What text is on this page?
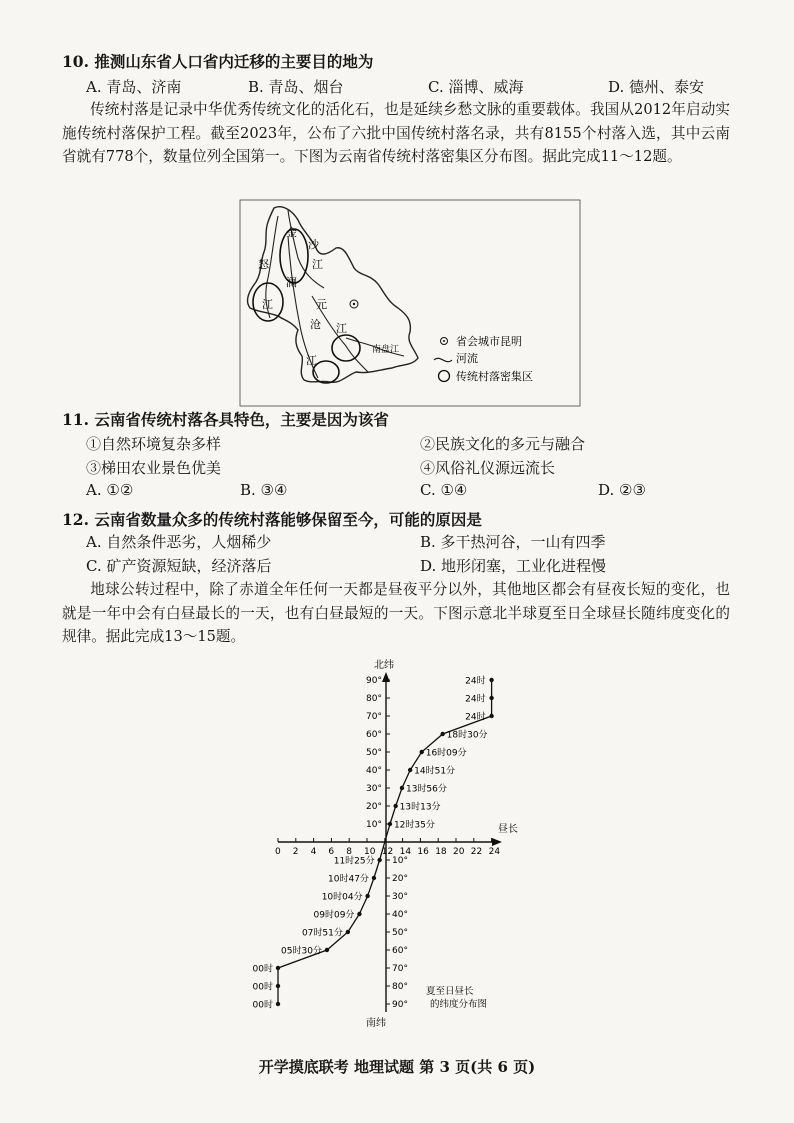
10. 推测山东省人口省内迁移的主要目的地为
A. 青岛、济南	B. 青岛、烟台	C. 淄博、威海	D. 德州、泰安
传统村落是记录中华优秀传统文化的活化石，也是延续乡愁文脉的重要载体。我国从2012年启动实施传统村落保护工程。截至2023年，公布了六批中国传统村落名录，共有8155个村落入选，其中云南省就有778个，数量位列全国第一。下图为云南省传统村落密集区分布图。据此完成11～12题。
金
沙
江
怒
江
澜
元
沧 江
江
南盘江
省会城市昆明
河流
传统村落密集区
11. 云南省传统村落各具特色，主要是因为该省
①自然环境复杂多样	②民族文化的多元与融合
③梯田农业景色优美	④风俗礼仪源远流长
A. ①②	B. ③④	C. ①④	D. ②③
12. 云南省数量众多的传统村落能够保留至今，可能的原因是
A. 自然条件恶劣，人烟稀少	B. 多干热河谷，一山有四季
C. 矿产资源短缺，经济落后	D. 地形闭塞，工业化进程慢
地球公转过程中，除了赤道全年任何一天都是昼夜平分以外，其他地区都会有昼夜长短的变化，也就是一年中会有白昼最长的一天，也有白昼最短的一天。下图示意北半球夏至日全球昼长随纬度变化的规律。据此完成13～15题。
北纬
南纬
昼长
夏至日昼长
的纬度分布图
0 2 4 6 8 10 12 14 16 18 20 22 24
10°
20°
30°
40°
50°
60°
70°
80°
90°
10°
20°
30°
40°
50°
60°
70°
80°
90°
00时
00时
00时
05时30分
07时51分
09时09分
10时04分
10时47分
11时25分
12时35分
13时13分
13时56分
14时51分
16时09分
18时30分
24时
24时
24时
开学摸底联考 地理试题 第 3 页(共 6 页)
